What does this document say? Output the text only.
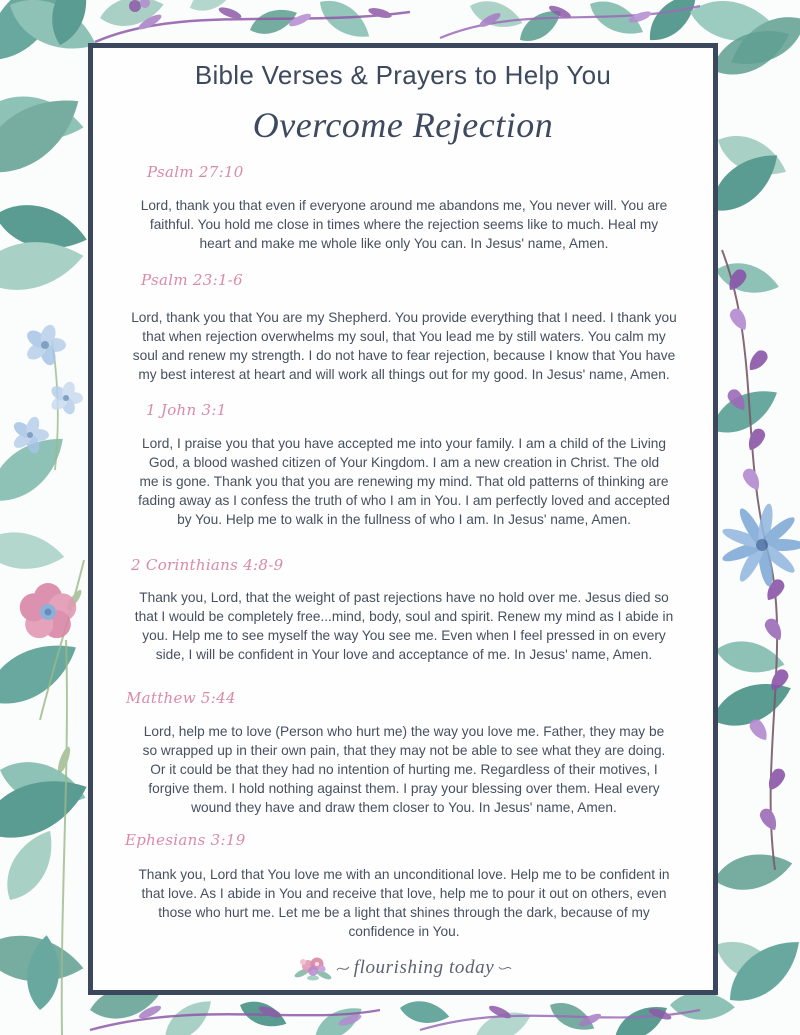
Bible Verses & Prayers to Help You
Overcome Rejection
Psalm 27:10
Lord, thank you that even if everyone around me abandons me, You never will. You are
faithful. You hold me close in times where the rejection seems like to much. Heal my
heart and make me whole like only You can. In Jesus' name, Amen.
Psalm 23:1-6
Lord, thank you that You are my Shepherd. You provide everything that I need. I thank you
that when rejection overwhelms my soul, that You lead me by still waters. You calm my
soul and renew my strength. I do not have to fear rejection, because I know that You have
my best interest at heart and will work all things out for my good. In Jesus' name, Amen.
1 John 3:1
Lord, I praise you that you have accepted me into your family. I am a child of the Living
God, a blood washed citizen of Your Kingdom. I am a new creation in Christ. The old
me is gone. Thank you that you are renewing my mind. That old patterns of thinking are
fading away as I confess the truth of who I am in You. I am perfectly loved and accepted
by You. Help me to walk in the fullness of who I am. In Jesus' name, Amen.
2 Corinthians 4:8-9
Thank you, Lord, that the weight of past rejections have no hold over me. Jesus died so
that I would be completely free...mind, body, soul and spirit. Renew my mind as I abide in
you. Help me to see myself the way You see me. Even when I feel pressed in on every
side, I will be confident in Your love and acceptance of me. In Jesus' name, Amen.
Matthew 5:44
Lord, help me to love (Person who hurt me) the way you love me. Father, they may be
so wrapped up in their own pain, that they may not be able to see what they are doing.
Or it could be that they had no intention of hurting me. Regardless of their motives, I
forgive them. I hold nothing against them. I pray your blessing over them. Heal every
wound they have and draw them closer to You. In Jesus' name, Amen.
Ephesians 3:19
Thank you, Lord that You love me with an unconditional love. Help me to be confident in
that love. As I abide in You and receive that love, help me to pour it out on others, even
those who hurt me. Let me be a light that shines through the dark, because of my
confidence in You.
flourishing today
